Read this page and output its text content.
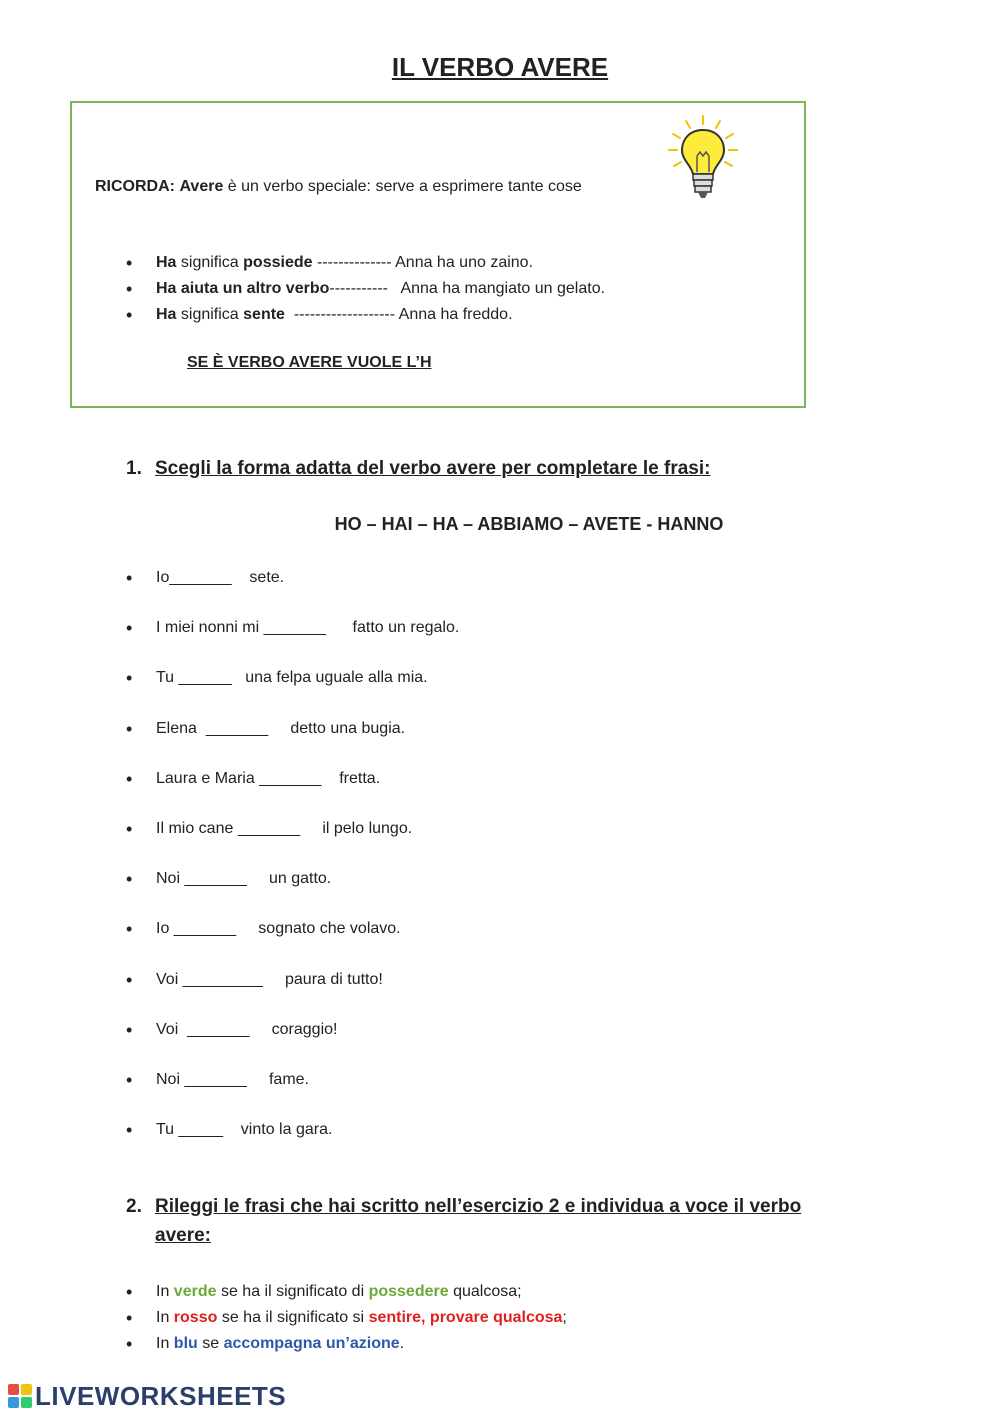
IL VERBO AVERE
RICORDA: Avere è un verbo speciale: serve a esprimere tante cose
• Ha significa possiede -------------- Anna ha uno zaino.
• Ha aiuta un altro verbo-----------   Anna ha mangiato un gelato.
• Ha significa sente  ------------------- Anna ha freddo.
SE È VERBO AVERE VUOLE L’H
1. Scegli la forma adatta del verbo avere per completare le frasi:
HO – HAI – HA – ABBIAMO – AVETE - HANNO
• Io_______    sete.
• I miei nonni mi _______      fatto un regalo.
• Tu ______   una felpa uguale alla mia.
• Elena  _______     detto una bugia.
• Laura e Maria _______    fretta.
• Il mio cane _______     il pelo lungo.
• Noi _______     un gatto.
• Io _______     sognato che volavo.
• Voi _________     paura di tutto!
• Voi  _______     coraggio!
• Noi _______     fame.
• Tu _____    vinto la gara.
2. Rileggi le frasi che hai scritto nell’esercizio 2 e individua a voce il verbo
avere:
• In verde se ha il significato di possedere qualcosa;
• In rosso se ha il significato si sentire, provare qualcosa;
• In blu se accompagna un’azione.
LIVEWORKSHEETS
